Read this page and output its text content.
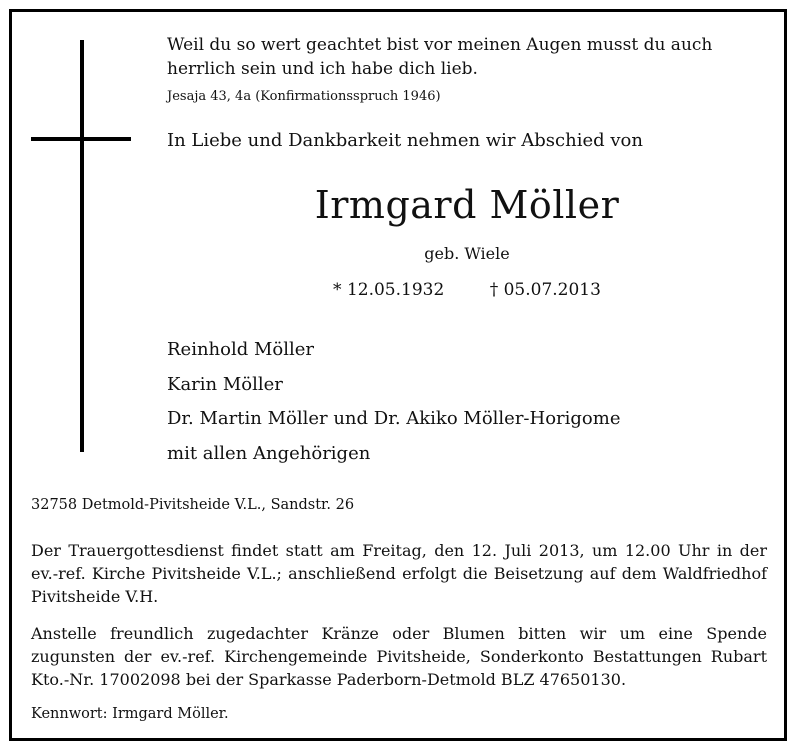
Weil du so wert geachtet bist vor meinen Augen musst du auch herrlich sein und ich habe dich lieb.
Jesaja 43, 4a (Konfirmationsspruch 1946)
In Liebe und Dankbarkeit nehmen wir Abschied von
Irmgard Möller
geb. Wiele
* 12.05.1932	† 05.07.2013
Reinhold Möller
Karin Möller
Dr. Martin Möller und Dr. Akiko Möller-Horigome
mit allen Angehörigen
32758 Detmold-Pivitsheide V.L., Sandstr. 26
Der Trauergottesdienst findet statt am Freitag, den 12. Juli 2013, um 12.00 Uhr in der ev.-ref. Kirche Pivitsheide V.L.; anschließend erfolgt die Beisetzung auf dem Waldfriedhof Pivitsheide V.H.
Anstelle freundlich zugedachter Kränze oder Blumen bitten wir um eine Spende zugunsten der ev.-ref. Kirchengemeinde Pivitsheide, Sonderkonto Bestattungen Rubart Kto.-Nr. 17002098 bei der Sparkasse Paderborn-Detmold BLZ 47650130.
Kennwort: Irmgard Möller.
